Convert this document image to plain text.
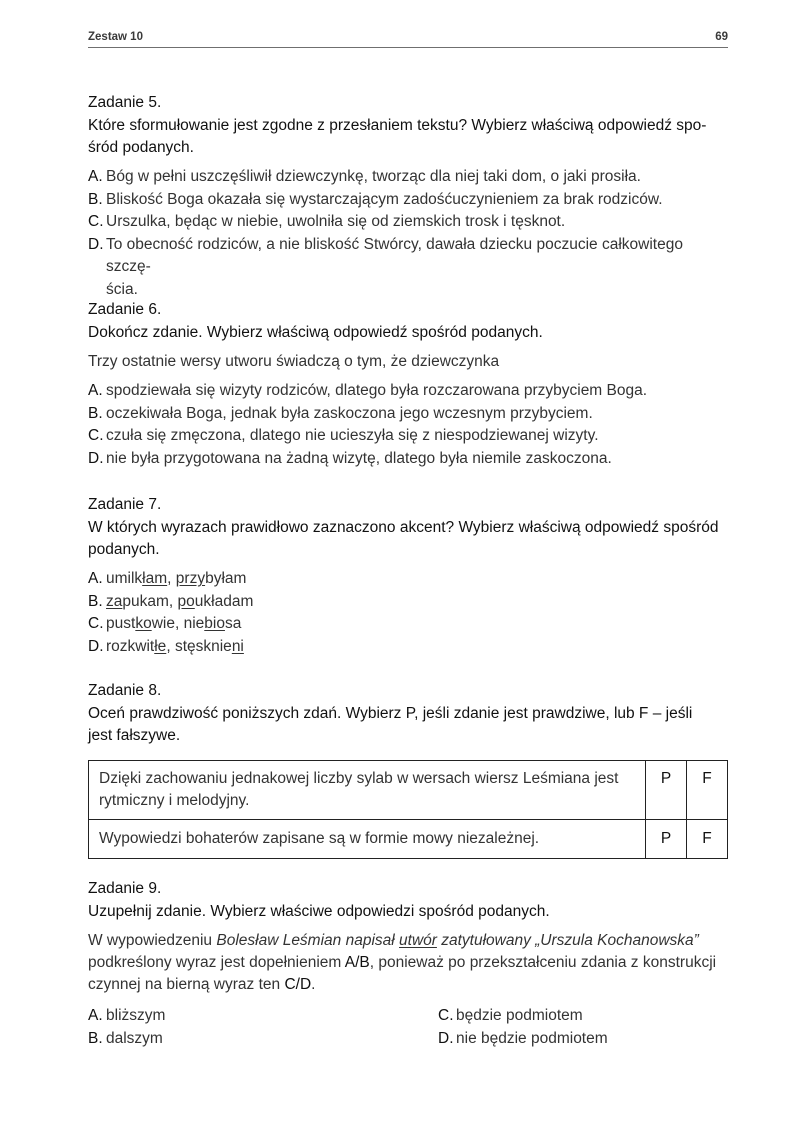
Zestaw 10	69
Zadanie 5.
Które sformułowanie jest zgodne z przesłaniem tekstu? Wybierz właściwą odpowiedź spo-
śród podanych.
A. Bóg w pełni uszczęśliwił dziewczynkę, tworząc dla niej taki dom, o jaki prosiła.
B. Bliskość Boga okazała się wystarczającym zadośćuczynieniem za brak rodziców.
C. Urszulka, będąc w niebie, uwolniła się od ziemskich trosk i tęsknot.
D. To obecność rodziców, a nie bliskość Stwórcy, dawała dziecku poczucie całkowitego szczę-
ścia.
Zadanie 6.
Dokończ zdanie. Wybierz właściwą odpowiedź spośród podanych.
Trzy ostatnie wersy utworu świadczą o tym, że dziewczynka
A. spodziewała się wizyty rodziców, dlatego była rozczarowana przybyciem Boga.
B. oczekiwała Boga, jednak była zaskoczona jego wczesnym przybyciem.
C. czuła się zmęczona, dlatego nie ucieszyła się z niespodziewanej wizyty.
D. nie była przygotowana na żadną wizytę, dlatego była niemile zaskoczona.
Zadanie 7.
W których wyrazach prawidłowo zaznaczono akcent? Wybierz właściwą odpowiedź spośród
podanych.
A. umilkłam, przybyłam
B. zapukam, poukładam
C. pustkowie, niebiosa
D. rozkwitłe, stęsknieni
Zadanie 8.
Oceń prawdziwość poniższych zdań. Wybierz P, jeśli zdanie jest prawdziwe, lub F – jeśli
jest fałszywe.
Dzięki zachowaniu jednakowej liczby sylab w wersach wiersz Leśmiana jest
rytmiczny i melodyjny.	P	F
Wypowiedzi bohaterów zapisane są w formie mowy niezależnej.	P	F
Zadanie 9.
Uzupełnij zdanie. Wybierz właściwe odpowiedzi spośród podanych.
W wypowiedzeniu Bolesław Leśmian napisał utwór zatytułowany „Urszula Kochanowska”
podkreślony wyraz jest dopełnieniem A/B, ponieważ po przekształceniu zdania z konstrukcji
czynnej na bierną wyraz ten C/D.
A. bliższym
B. dalszym
C. będzie podmiotem
D. nie będzie podmiotem
